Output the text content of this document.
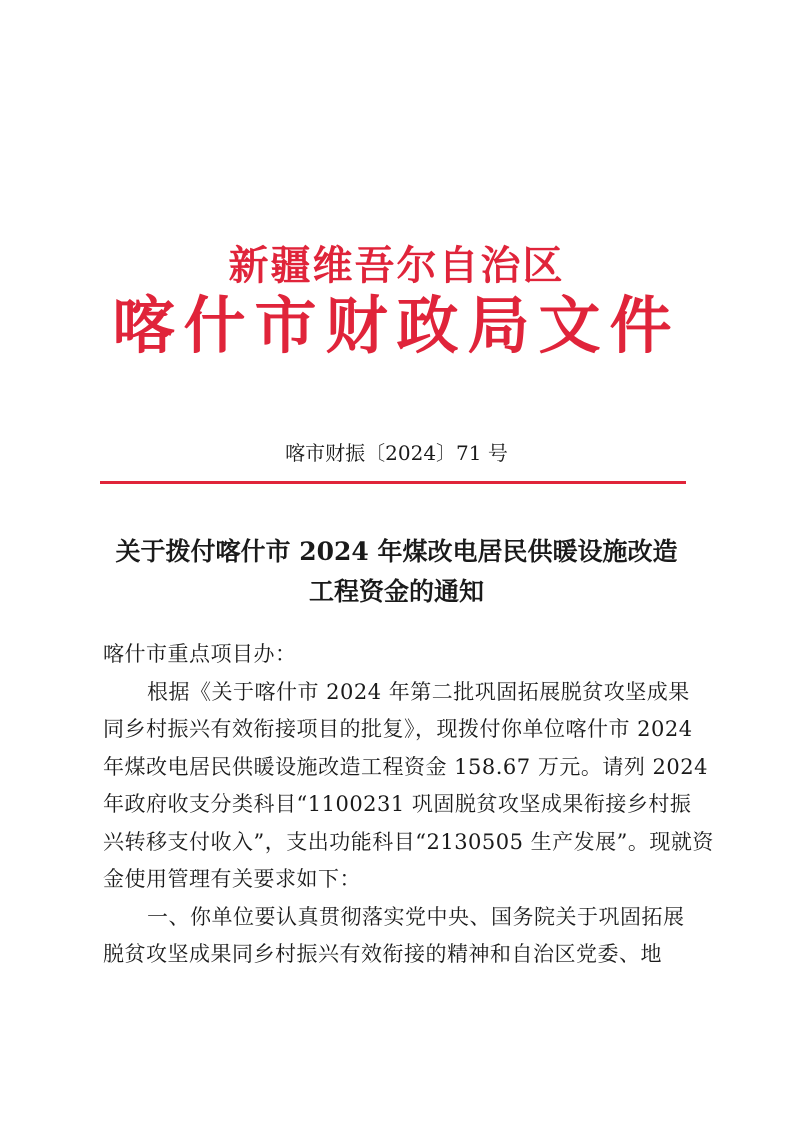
新疆维吾尔自治区
喀什市财政局文件
喀市财振〔2024〕71 号
关于拨付喀什市 2024 年煤改电居民供暖设施改造
工程资金的通知
喀什市重点项目办：
根据《关于喀什市 2024 年第二批巩固拓展脱贫攻坚成果
同乡村振兴有效衔接项目的批复》，现拨付你单位喀什市 2024
年煤改电居民供暖设施改造工程资金 158.67 万元。请列 2024
年政府收支分类科目“1100231 巩固脱贫攻坚成果衔接乡村振
兴转移支付收入”，支出功能科目“2130505 生产发展”。现就资
金使用管理有关要求如下：
一、你单位要认真贯彻落实党中央、国务院关于巩固拓展
脱贫攻坚成果同乡村振兴有效衔接的精神和自治区党委、地
